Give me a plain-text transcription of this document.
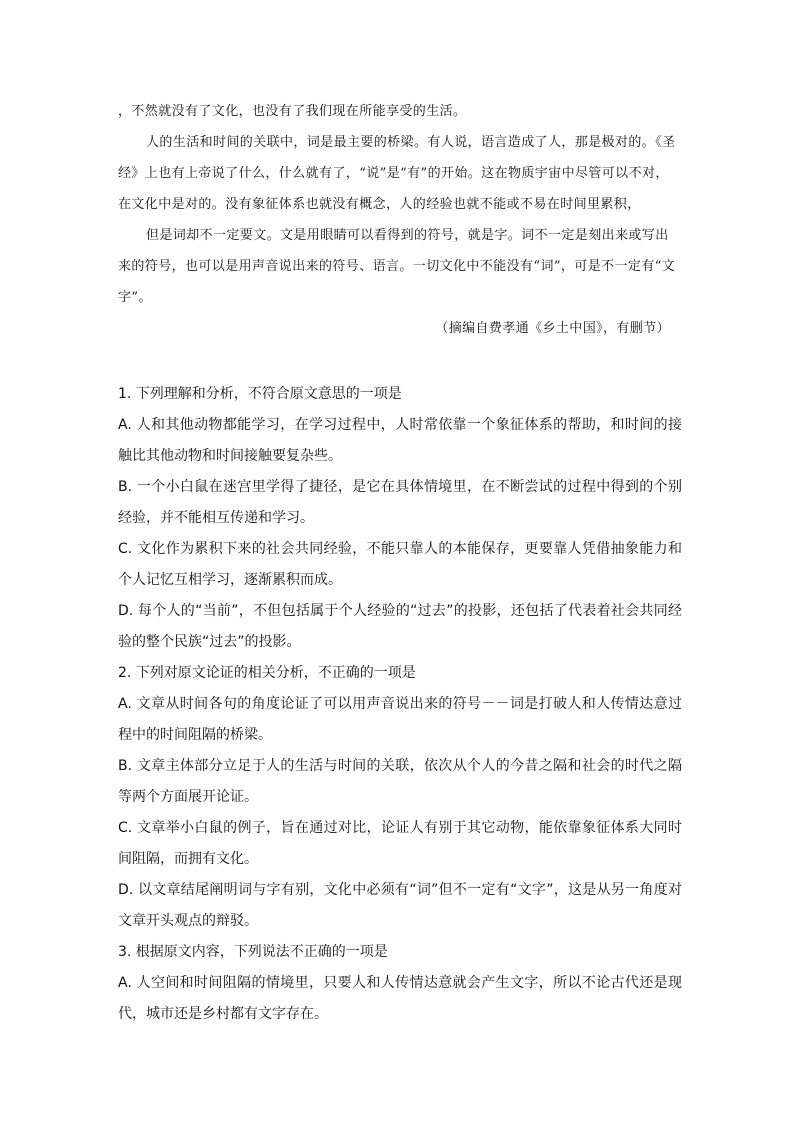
，不然就没有了文化，也没有了我们现在所能享受的生活。

人的生活和时间的关联中，词是最主要的桥梁。有人说，语言造成了人，那是极对的。《圣经》上也有上帝说了什么，什么就有了，“说”是“有”的开始。这在物质宇宙中尽管可以不对，在文化中是对的。没有象征体系也就没有概念，人的经验也就不能或不易在时间里累积，

但是词却不一定要文。文是用眼睛可以看得到的符号，就是字。词不一定是刻出来或写出来的符号，也可以是用声音说出来的符号、语言。一切文化中不能没有“词”，可是不一定有“文字”。

（摘编自费孝通《乡土中国》，有删节）

1. 下列理解和分析，不符合原文意思的一项是

A. 人和其他动物都能学习，在学习过程中，人时常依靠一个象征体系的帮助，和时间的接触比其他动物和时间接触要复杂些。

B. 一个小白鼠在迷宫里学得了捷径，是它在具体情境里，在不断尝试的过程中得到的个别经验，并不能相互传递和学习。

C. 文化作为累积下来的社会共同经验，不能只靠人的本能保存，更要靠人凭借抽象能力和个人记忆互相学习，逐渐累积而成。

D. 每个人的“当前”，不但包括属于个人经验的“过去”的投影，还包括了代表着社会共同经验的整个民族“过去”的投影。

2. 下列对原文论证的相关分析，不正确的一项是

A. 文章从时间各句的角度论证了可以用声音说出来的符号－－词是打破人和人传情达意过程中的时间阻隔的桥梁。

B. 文章主体部分立足于人的生活与时间的关联，依次从个人的今昔之隔和社会的时代之隔等两个方面展开论证。

C. 文章举小白鼠的例子，旨在通过对比，论证人有别于其它动物，能依靠象征体系大同时间阻隔，而拥有文化。

D. 以文章结尾阐明词与字有别，文化中必须有“词”但不一定有“文字”，这是从另一角度对文章开头观点的辩驳。

3. 根据原文内容，下列说法不正确的一项是

A. 人空间和时间阻隔的情境里，只要人和人传情达意就会产生文字，所以不论古代还是现代，城市还是乡村都有文字存在。
